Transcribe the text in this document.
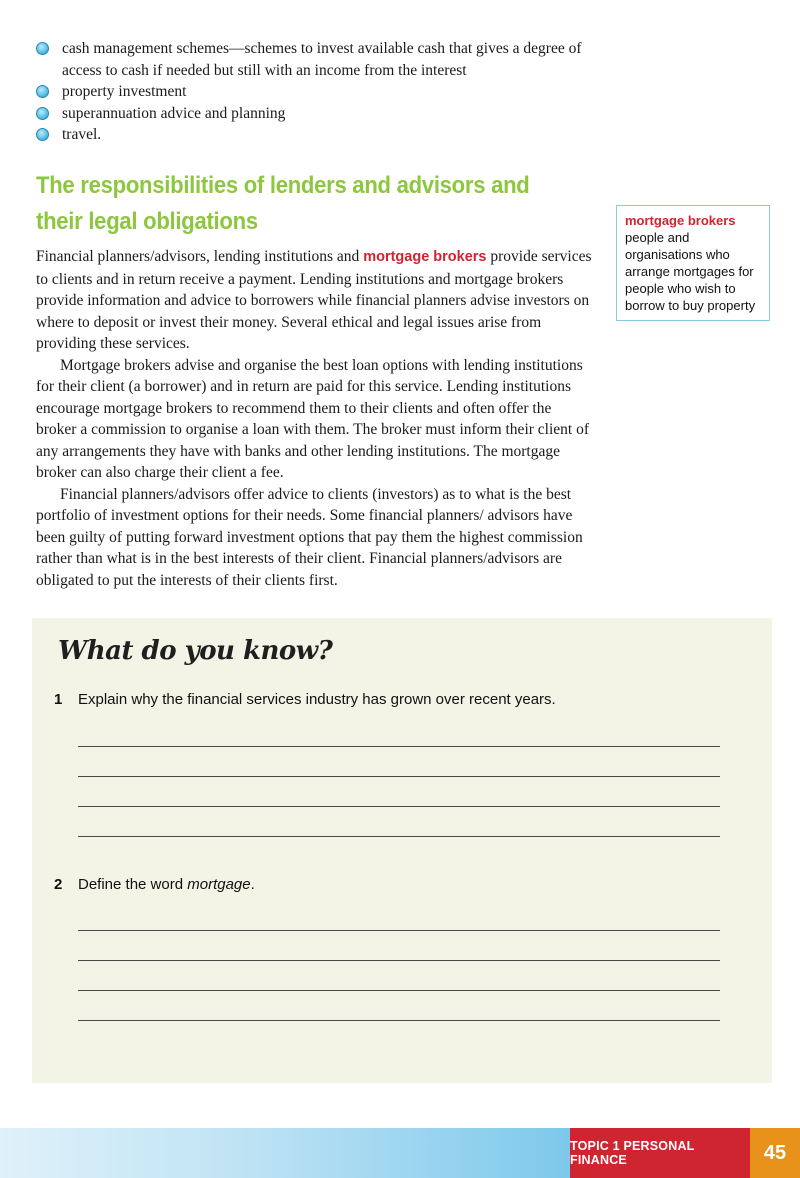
cash management schemes—schemes to invest available cash that gives a degree of access to cash if needed but still with an income from the interest
property investment
superannuation advice and planning
travel.
The responsibilities of lenders and advisors and their legal obligations

Financial planners/advisors, lending institutions and mortgage brokers provide services to clients and in return receive a payment. Lending institutions and mortgage brokers provide information and advice to borrowers while financial planners advise investors on where to deposit or invest their money. Several ethical and legal issues arise from providing these services.

Mortgage brokers advise and organise the best loan options with lending institutions for their client (a borrower) and in return are paid for this service. Lending institutions encourage mortgage brokers to recommend them to their clients and often offer the broker a commission to organise a loan with them. The broker must inform their client of any arrangements they have with banks and other lending institutions. The mortgage broker can also charge their client a fee.

Financial planners/advisors offer advice to clients (investors) as to what is the best portfolio of investment options for their needs. Some financial planners/ advisors have been guilty of putting forward investment options that pay them the highest commission rather than what is in the best interests of their client. Financial planners/advisors are obligated to put the interests of their clients first.

mortgage brokers
people and organisations who arrange mortgages for people who wish to borrow to buy property
What do you know?
1 Explain why the financial services industry has grown over recent years.
2 Define the word mortgage.
TOPIC 1 PERSONAL FINANCE	45
